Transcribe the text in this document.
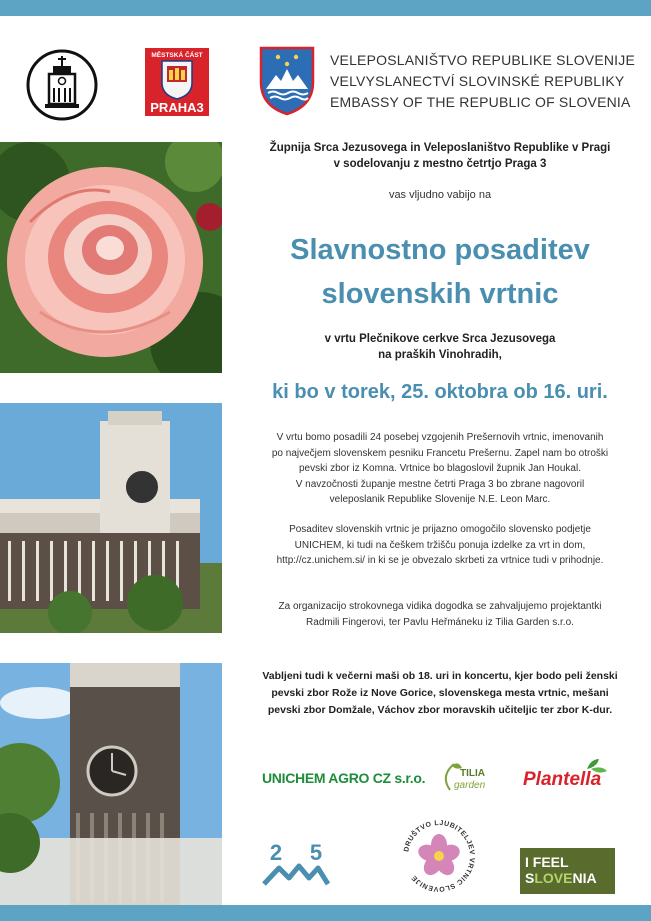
MĚSTSKÁ ČÁST
PRAHA3
VELEPOSLANIŠTVO REPUBLIKE SLOVENIJE
VELVYSLANECTVÍ SLOVINSKÉ REPUBLIKY
EMBASSY OF THE REPUBLIC OF SLOVENIA
Župnija Srca Jezusovega in Veleposlaništvo Republike v Pragi
v sodelovanju z mestno četrtjo Praga 3
vas vljudno vabijo na
Slavnostno posaditev
slovenskih vrtnic
v vrtu Plečnikove cerkve Srca Jezusovega
na praških Vinohradih,
ki bo v torek, 25. oktobra ob 16. uri.
V vrtu bomo posadili 24 posebej vzgojenih Prešernovih vrtnic, imenovanih
po največjem slovenskem pesniku Francetu Prešernu. Zapel nam bo otroški
pevski zbor iz Komna. Vrtnice bo blagoslovil župnik Jan Houkal.
V navzočnosti županje mestne četrti Praga 3 bo zbrane nagovoril
veleposlanik Republike Slovenije N.E. Leon Marc.
Posaditev slovenskih vrtnic je prijazno omogočilo slovensko podjetje
UNICHEM, ki tudi na češkem tržišču ponuja izdelke za vrt in dom,
http://cz.unichem.si/ in ki se je obvezalo skrbeti za vrtnice tudi v prihodnje.
Za organizacijo strokovnega vidika dogodka se zahvaljujemo projektantki
Radmili Fingerovi, ter Pavlu Heřmáneku iz Tilia Garden s.r.o.
Vabljeni tudi k večerni maši ob 18. uri in koncertu, kjer bodo peli ženski
pevski zbor Rože iz Nove Gorice, slovenskega mesta vrtnic, mešani
pevski zbor Domžale, Váchov zbor moravskih učiteljic ter zbor K-dur.
UNICHEM AGRO CZ s.r.o.	TILIA
garden Plantella
2 5	DRUŠTVO LJUBITELJEV VRTNIC SLOVENIJE
I FEEL
SLOVENIA
